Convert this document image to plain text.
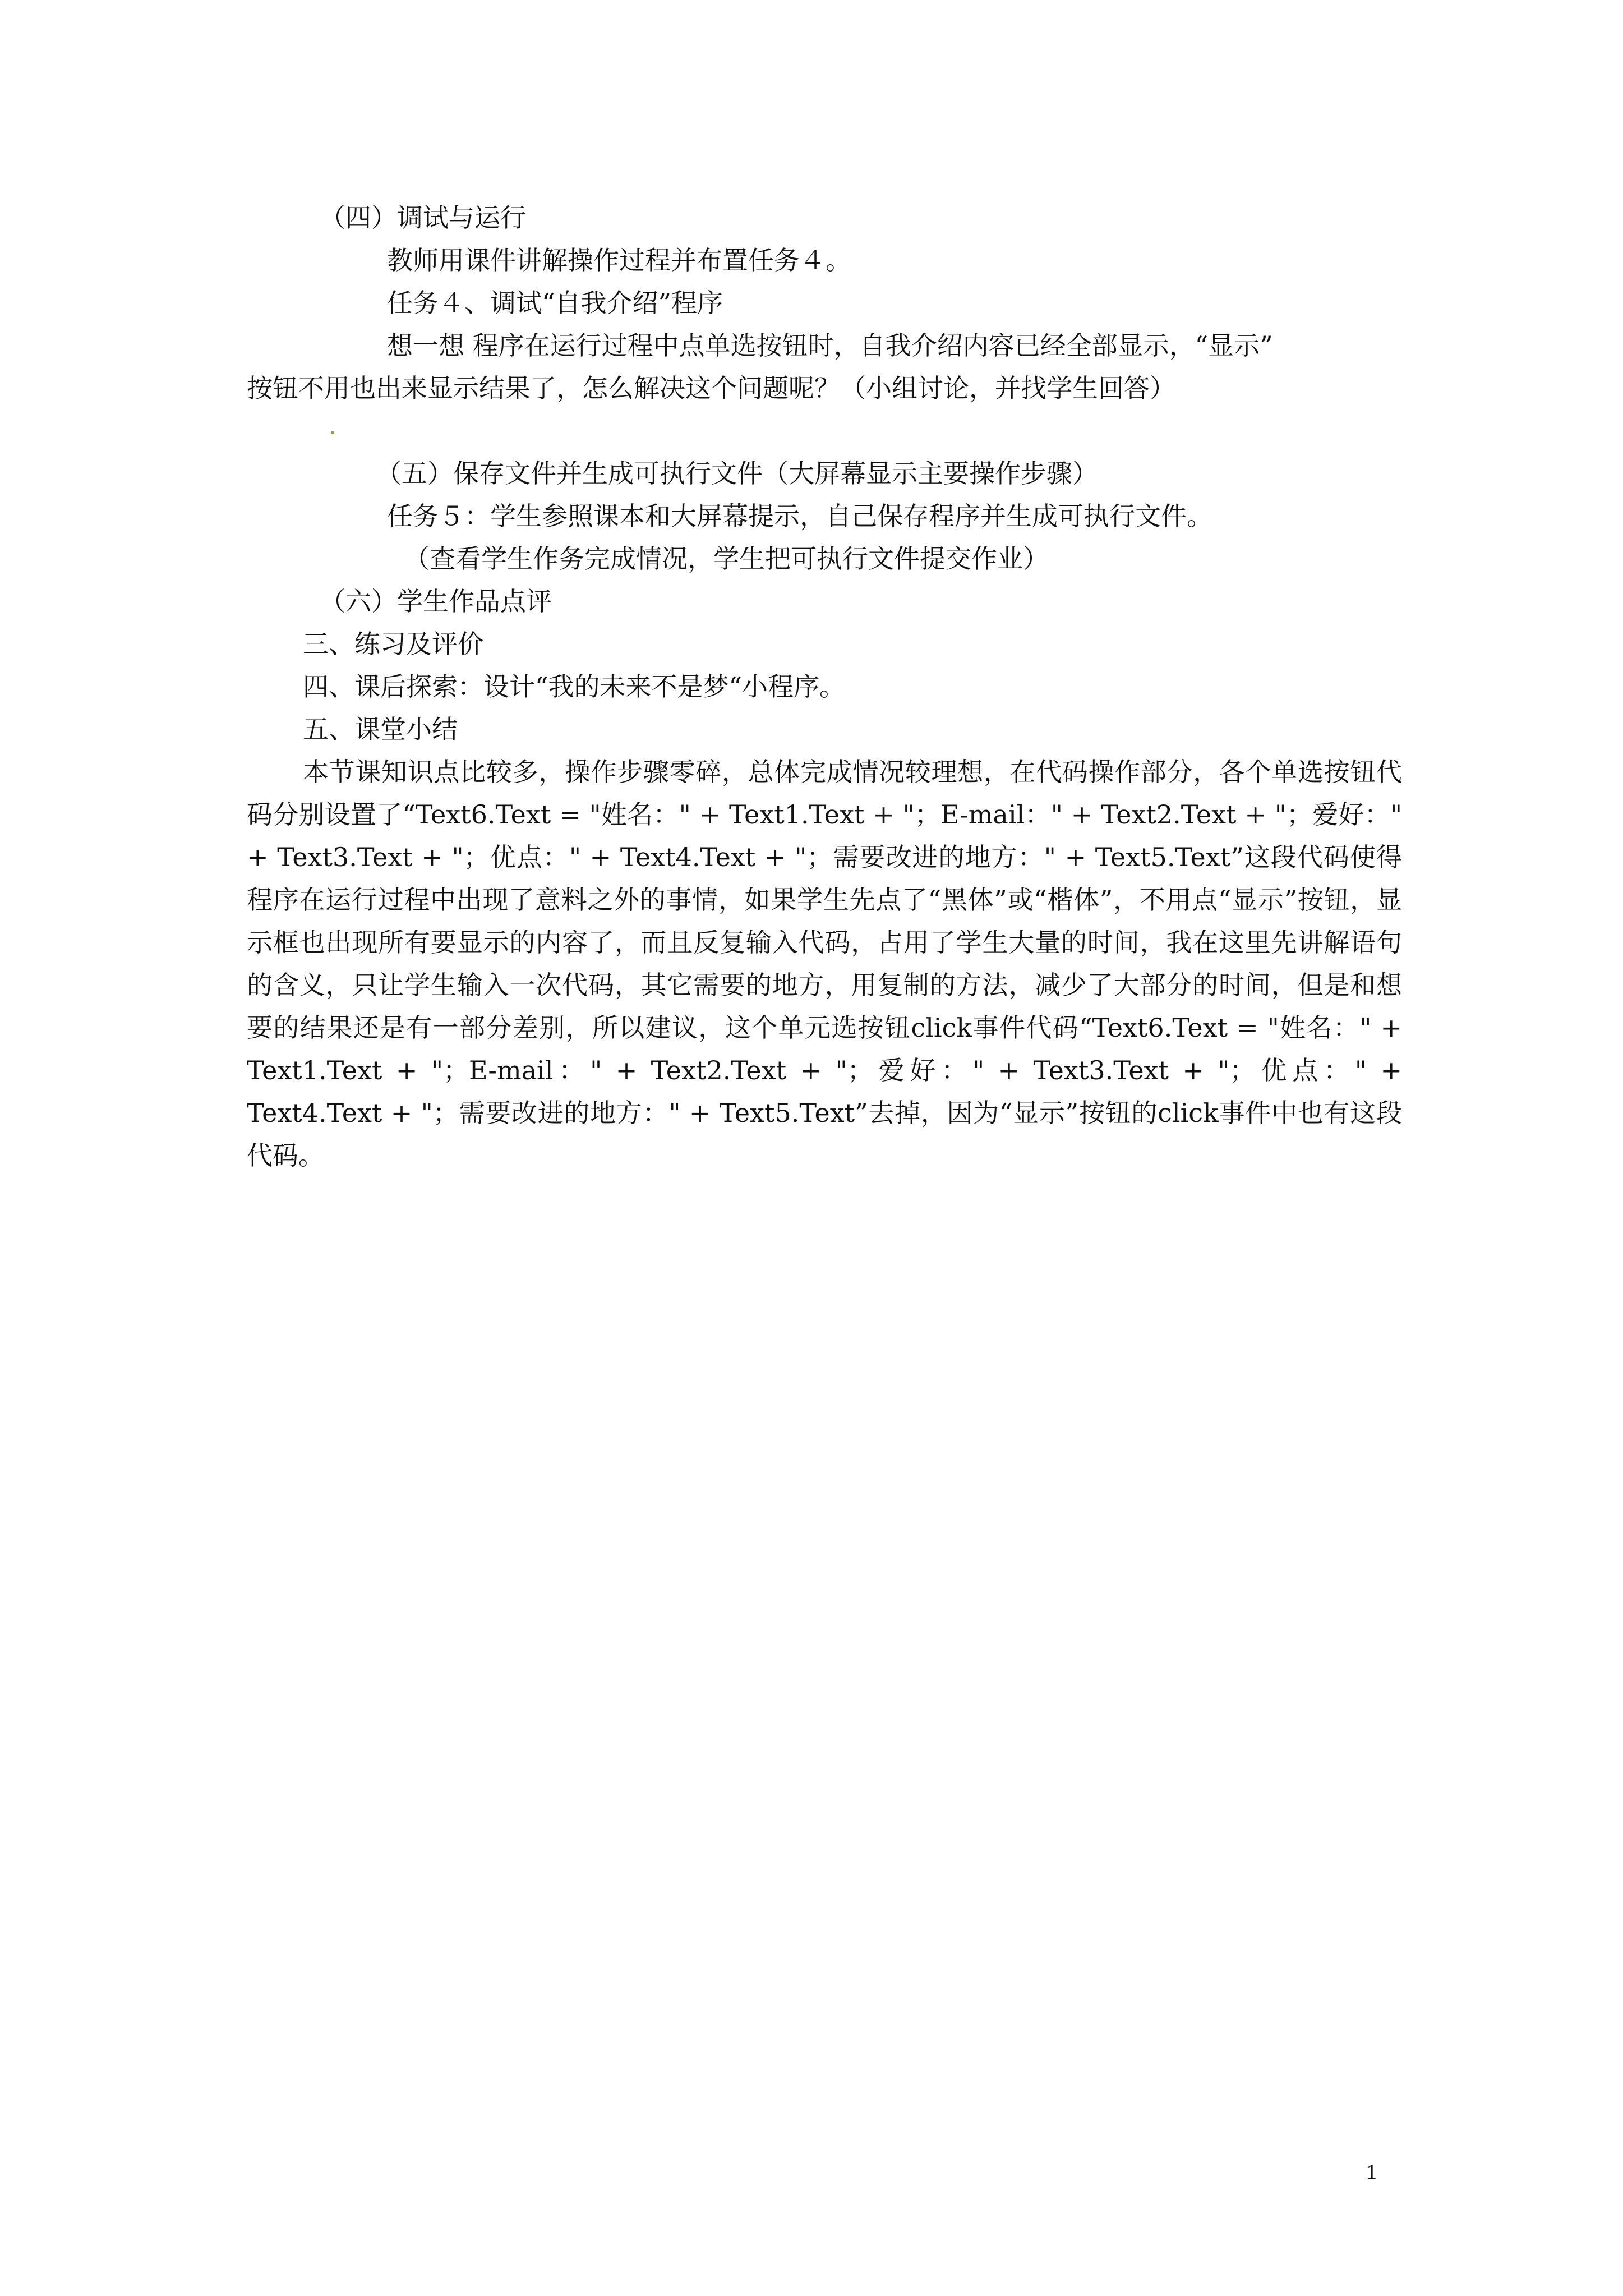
（四）调试与运行
教师用课件讲解操作过程并布置任务４。
任务４、调试“自我介绍”程序
想一想 程序在运行过程中点单选按钮时，自我介绍内容已经全部显示，“显示”
按钮不用也出来显示结果了，怎么解决这个问题呢？（小组讨论，并找学生回答）
（五）保存文件并生成可执行文件（大屏幕显示主要操作步骤）
任务５：学生参照课本和大屏幕提示，自己保存程序并生成可执行文件。
（查看学生作务完成情况，学生把可执行文件提交作业）
（六）学生作品点评
三、练习及评价
四、课后探索：设计“我的未来不是梦“小程序。
五、课堂小结
本节课知识点比较多，操作步骤零碎，总体完成情况较理想，在代码操作部分，各个单选按钮代码分别设置了“Text6.Text = "姓名：" + Text1.Text + "；E-mail：" + Text2.Text + "；爱好：" + Text3.Text + "；优点：" + Text4.Text + "；需要改进的地方：" + Text5.Text”这段代码使得程序在运行过程中出现了意料之外的事情，如果学生先点了“黑体”或“楷体”，不用点“显示”按钮，显示框也出现所有要显示的内容了，而且反复输入代码，占用了学生大量的时间，我在这里先讲解语句的含义，只让学生输入一次代码，其它需要的地方，用复制的方法，减少了大部分的时间，但是和想要的结果还是有一部分差别，所以建议，这个单元选按钮click事件代码“Text6.Text = "姓名：" + Text1.Text + "；E-mail：" + Text2.Text + "；爱好：" + Text3.Text + "；优点：" + Text4.Text + "；需要改进的地方：" + Text5.Text”去掉，因为“显示”按钮的click事件中也有这段代码。
1
